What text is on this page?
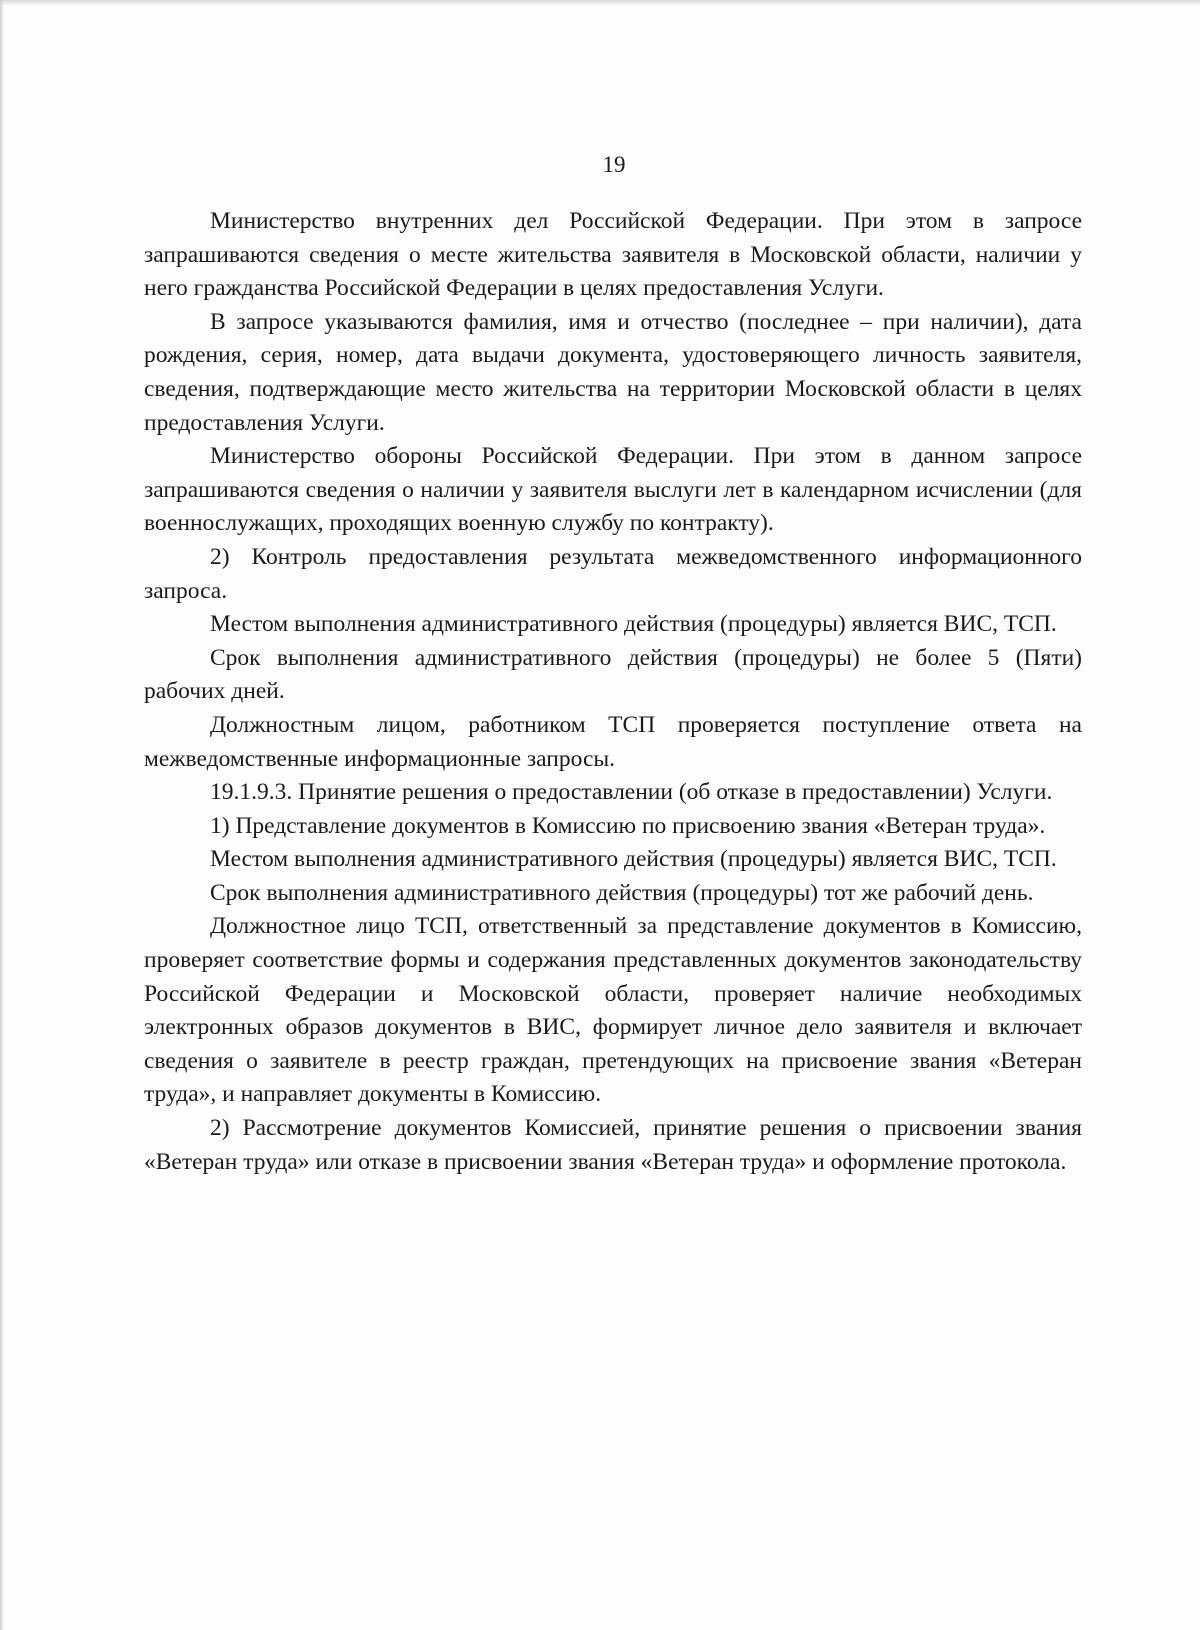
19

Министерство внутренних дел Российской Федерации. При этом в запросе запрашиваются сведения о месте жительства заявителя в Московской области, наличии у него гражданства Российской Федерации в целях предоставления Услуги.

В запросе указываются фамилия, имя и отчество (последнее – при наличии), дата рождения, серия, номер, дата выдачи документа, удостоверяющего личность заявителя, сведения, подтверждающие место жительства на территории Московской области в целях предоставления Услуги.

Министерство обороны Российской Федерации. При этом в данном запросе запрашиваются сведения о наличии у заявителя выслуги лет в календарном исчислении (для военнослужащих, проходящих военную службу по контракту).

2) Контроль предоставления результата межведомственного информационного запроса.

Местом выполнения административного действия (процедуры) является ВИС, ТСП.

Срок выполнения административного действия (процедуры) не более 5 (Пяти) рабочих дней.

Должностным лицом, работником ТСП проверяется поступление ответа на межведомственные информационные запросы.

19.1.9.3. Принятие решения о предоставлении (об отказе в предоставлении) Услуги.

1) Представление документов в Комиссию по присвоению звания «Ветеран труда».

Местом выполнения административного действия (процедуры) является ВИС, ТСП.

Срок выполнения административного действия (процедуры) тот же рабочий день.

Должностное лицо ТСП, ответственный за представление документов в Комиссию, проверяет соответствие формы и содержания представленных документов законодательству Российской Федерации и Московской области, проверяет наличие необходимых электронных образов документов в ВИС, формирует личное дело заявителя и включает сведения о заявителе в реестр граждан, претендующих на присвоение звания «Ветеран труда», и направляет документы в Комиссию.

2) Рассмотрение документов Комиссией, принятие решения о присвоении звания «Ветеран труда» или отказе в присвоении звания «Ветеран труда» и оформление протокола.
